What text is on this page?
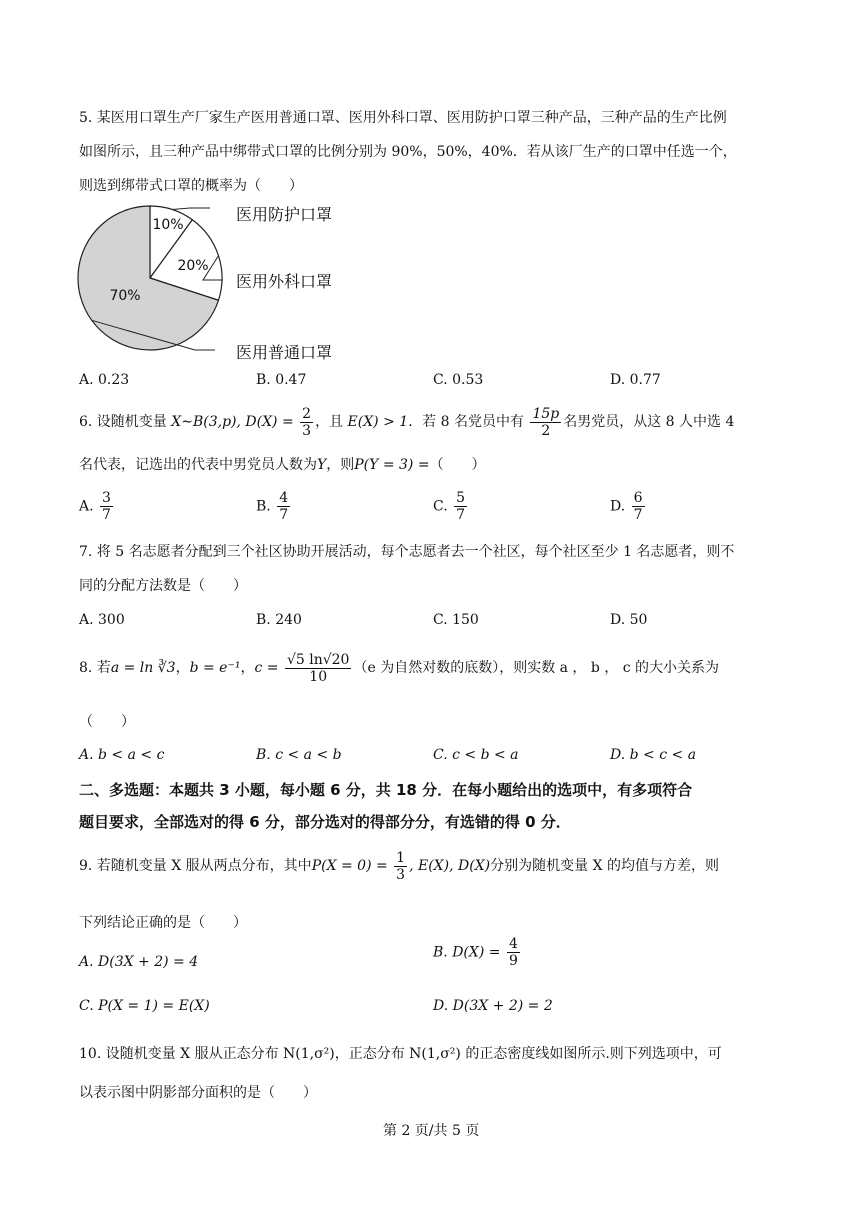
5. 某医用口罩生产厂家生产医用普通口罩、医用外科口罩、医用防护口罩三种产品，三种产品的生产比例
如图所示，且三种产品中绑带式口罩的比例分别为 90%，50%，40%．若从该厂生产的口罩中任选一个，
则选到绑带式口罩的概率为（　　）
10%
医用防护口罩
20%
医用外科口罩
70%
医用普通口罩
A. 0.23	B. 0.47	C. 0.53	D. 0.77
6. 设随机变量 X∼B(3,p), $D(X) = \frac{2}{3}$ ，且 E(X) > 1．若 8 名党员中有 $\frac{15p}{2}$ 名男党员，从这 8 人中选 4
名代表，记选出的代表中男党员人数为Y，则P(Y = 3) =（　　）
A. $\frac{3}{7}$	B. $\frac{4}{7}$	C. $\frac{5}{7}$	D. $\frac{6}{7}$
7. 将 5 名志愿者分配到三个社区协助开展活动，每个志愿者去一个社区，每个社区至少 1 名志愿者，则不
同的分配方法数是（　　）
A. 300	B. 240	C. 150	D. 50
8. 若a = ln ∛3，b = e⁻¹，$c = \frac{√5 \ln√20}{10} (e$ 为自然对数的底数），则实数 a ， b ， c 的大小关系为
（　　）
A. b < a < c	B. c < a < b	C. c < b < a	D. b < c < a
二、多选题：本题共 3 小题，每小题 6 分，共 18 分．在每小题给出的选项中，有多项符合
题目要求，全部选对的得 6 分，部分选对的得部分分，有选错的得 0 分．
9. 若随机变量 X 服从两点分布，其中$P(X = 0) = \frac{1}{3}$ , E(X), D(X)分别为随机变量 X 的均值与方差，则
下列结论正确的是（　　）
A. D(3X + 2) = 4
B. $D(X) = \frac{4}{9}$
C. P(X = 1) = E(X)	D. D(3X + 2) = 2
10. 设随机变量 X 服从正态分布 N(1,σ²)，正态分布 N(1,σ²) 的正态密度线如图所示.则下列选项中，可
以表示图中阴影部分面积的是（　　）
第 2 页/共 5 页
